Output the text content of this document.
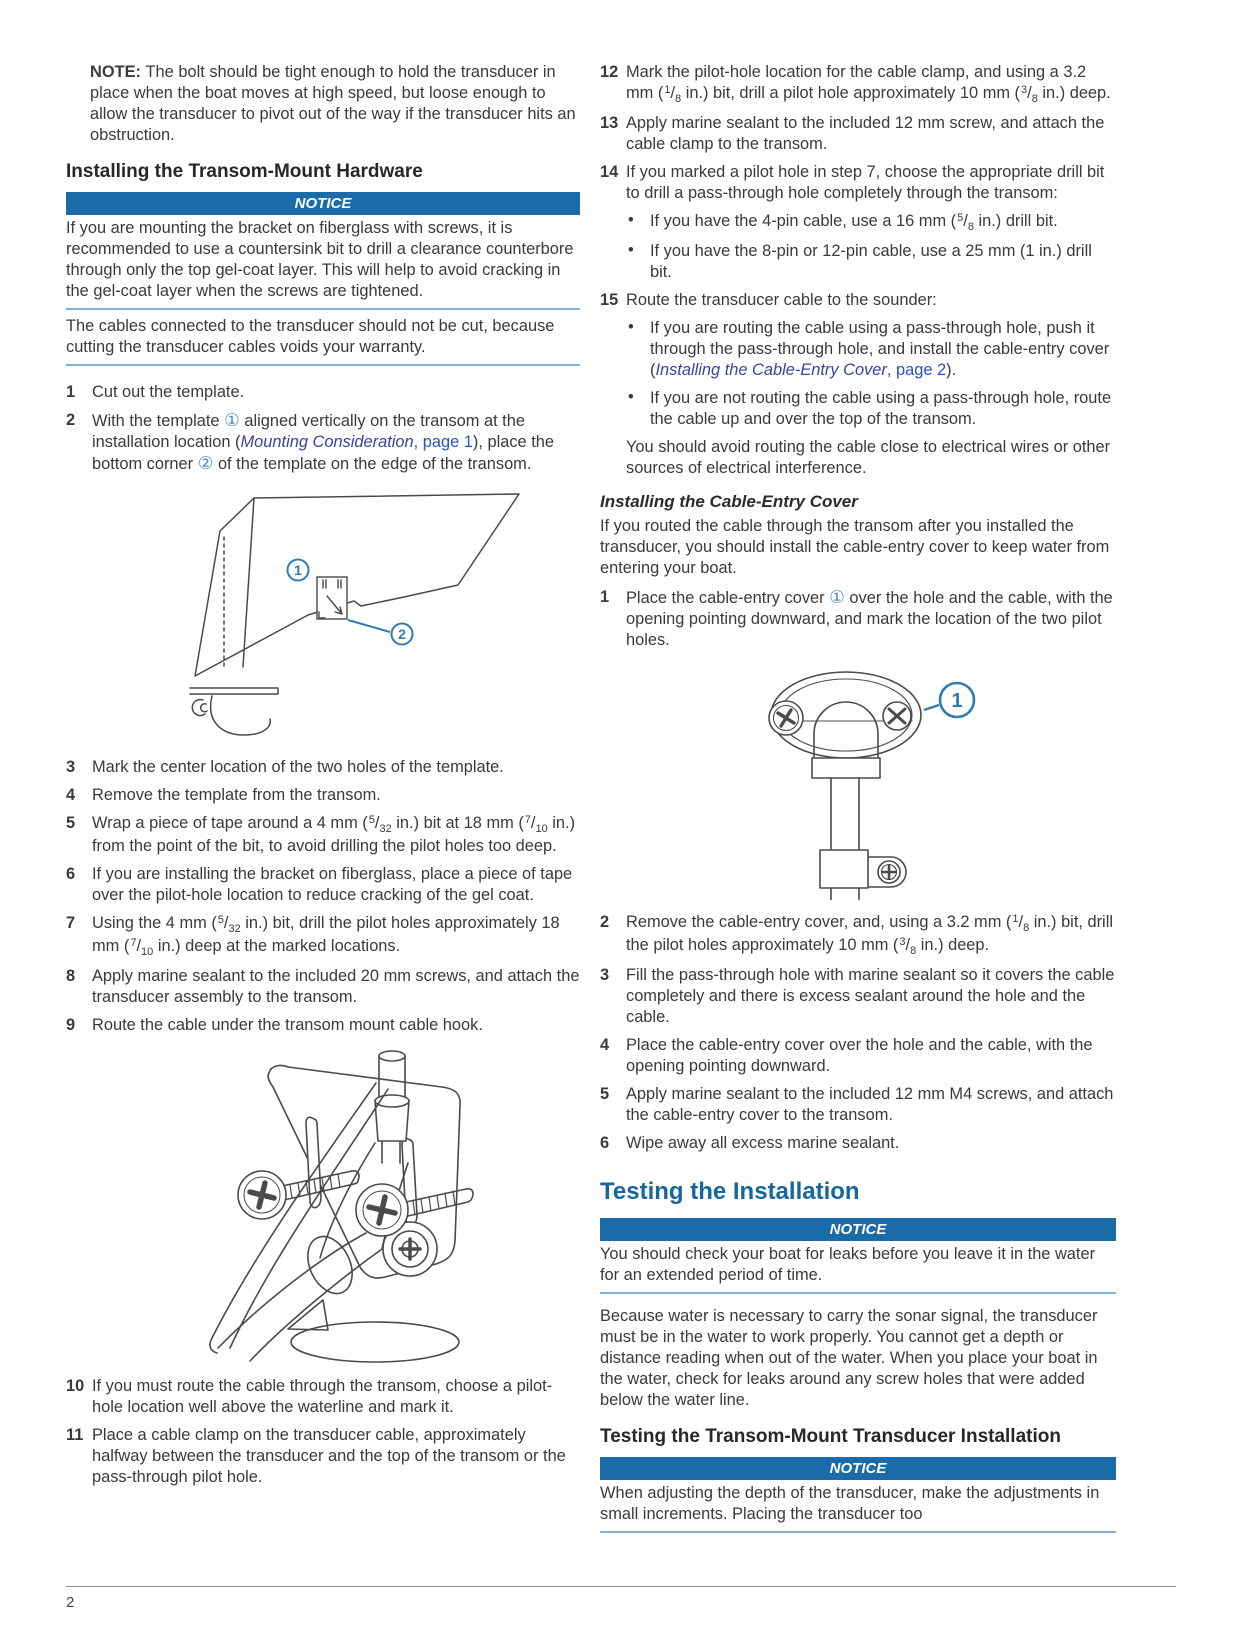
NOTE: The bolt should be tight enough to hold the transducer in place when the boat moves at high speed, but loose enough to allow the transducer to pivot out of the way if the transducer hits an obstruction.

Installing the Transom-Mount Hardware
NOTICE

If you are mounting the bracket on fiberglass with screws, it is recommended to use a countersink bit to drill a clearance counterbore through only the top gel-coat layer. This will help to avoid cracking in the gel-coat layer when the screws are tightened.

The cables connected to the transducer should not be cut, because cutting the transducer cables voids your warranty.

1 Cut out the template.
2 With the template ① aligned vertically on the transom at the installation location (Mounting Consideration, page 1), place the bottom corner ② of the template on the edge of the transom.
1
2
3 Mark the center location of the two holes of the template.
4 Remove the template from the transom.
5 Wrap a piece of tape around a 4 mm ($^5/_{32}$ in.) bit at 18 mm ($^7/_{10}$ in.) from the point of the bit, to avoid drilling the pilot holes too deep.
6 If you are installing the bracket on fiberglass, place a piece of tape over the pilot-hole location to reduce cracking of the gel coat.
7 Using the 4 mm ($^5/_{32}$ in.) bit, drill the pilot holes approximately 18 mm ($^7/_{10}$ in.) deep at the marked locations.
8 Apply marine sealant to the included 20 mm screws, and attach the transducer assembly to the transom.
9 Route the cable under the transom mount cable hook.
10 If you must route the cable through the transom, choose a pilot-hole location well above the waterline and mark it.
11 Place a cable clamp on the transducer cable, approximately halfway between the transducer and the top of the transom or the pass-through pilot hole.
12 Mark the pilot-hole location for the cable clamp, and using a 3.2 mm ($^1/_8$ in.) bit, drill a pilot hole approximately 10 mm ($^3/_8$ in.) deep.
13 Apply marine sealant to the included 12 mm screw, and attach the cable clamp to the transom.
14 If you marked a pilot hole in step 7, choose the appropriate drill bit to drill a pass-through hole completely through the transom:
• If you have the 4-pin cable, use a 16 mm ($^5/_8$ in.) drill bit.
• If you have the 8-pin or 12-pin cable, use a 25 mm (1 in.) drill bit.
15 Route the transducer cable to the sounder:
• If you are routing the cable using a pass-through hole, push it through the pass-through hole, and install the cable-entry cover (Installing the Cable-Entry Cover, page 2).
• If you are not routing the cable using a pass-through hole, route the cable up and over the top of the transom.
You should avoid routing the cable close to electrical wires or other sources of electrical interference.
Installing the Cable-Entry Cover

If you routed the cable through the transom after you installed the transducer, you should install the cable-entry cover to keep water from entering your boat.

1 Place the cable-entry cover ① over the hole and the cable, with the opening pointing downward, and mark the location of the two pilot holes.
1
2 Remove the cable-entry cover, and, using a 3.2 mm ($^1/_8$ in.) bit, drill the pilot holes approximately 10 mm ($^3/_8$ in.) deep.
3 Fill the pass-through hole with marine sealant so it covers the cable completely and there is excess sealant around the hole and the cable.
4 Place the cable-entry cover over the hole and the cable, with the opening pointing downward.
5 Apply marine sealant to the included 12 mm M4 screws, and attach the cable-entry cover to the transom.
6 Wipe away all excess marine sealant.
Testing the Installation
NOTICE

You should check your boat for leaks before you leave it in the water for an extended period of time.

Because water is necessary to carry the sonar signal, the transducer must be in the water to work properly. You cannot get a depth or distance reading when out of the water. When you place your boat in the water, check for leaks around any screw holes that were added below the water line.

Testing the Transom-Mount Transducer Installation
NOTICE

When adjusting the depth of the transducer, make the adjustments in small increments. Placing the transducer too

2
